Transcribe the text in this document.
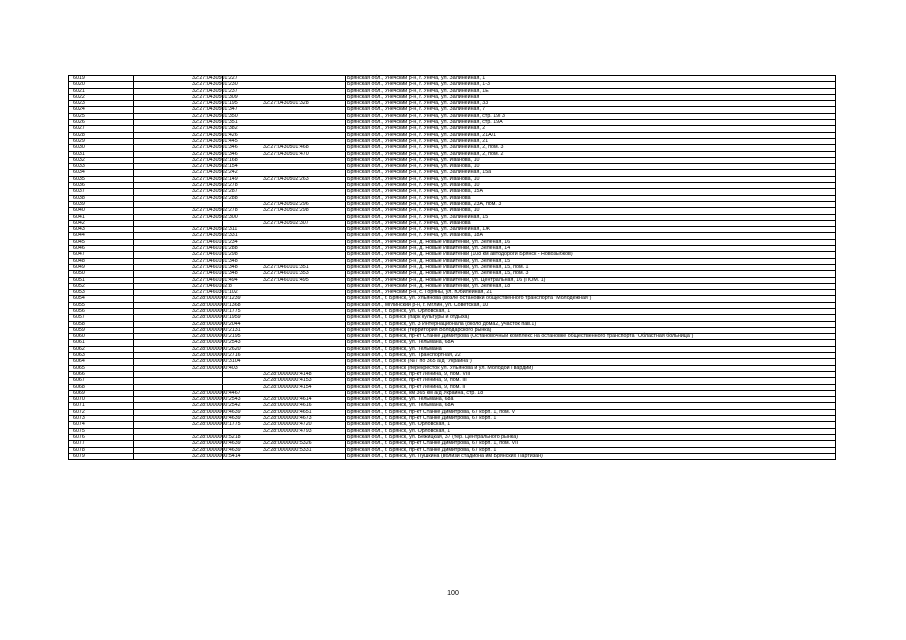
6019	32:27:0430501:227		Брянская обл., Унечский р-н, г. Унеча, ул. Залинейная, 1
6020	32:27:0430501:230		Брянская обл., Унечский р-н, г. Унеча, ул. Залинейная, 1-3
6021	32:27:0430501:237		Брянская обл., Унечский р-н, г. Унеча, ул. Залинейная, 1Е
6022	32:27:0430501:309		Брянская обл., Унечский р-н, г. Унеча, ул. Залинейная
6023	32:27:0430501:195	32:27:0430501:328	Брянская обл., Унечский р-н, г. Унеча, ул. Залинейная, 33
6024	32:27:0430501:347		Брянская обл., Унечский р-н, г. Унеча, ул. Залинейная, 7
6025	32:27:0430501:350		Брянская обл., Унечский р-н, г. Унеча, ул. Залинейная, стр. 19Г3
6026	32:27:0430501:351		Брянская обл., Унечский р-н, г. Унеча, ул. Залинейная, стр. 19А
6027	32:27:0430501:382		Брянская обл., Унечский р-н, г. Унеча, ул. Залинейная, 2
6028	32:27:0430501:426		Брянская обл., Унечский р-н, г. Унеча, ул. Залинейная, 21А/1
6029	32:27:0430501:445		Брянская обл., Унечский р-н, г. Унеча, ул. Залинейная, 21
6030	32:27:0430501:346	32:27:0430501:468	Брянская обл., Унечский р-н, г. Унеча, ул. Залинейная, 2, пом. 3
6031	32:27:0430501:346	32:27:0430501:470	Брянская обл., Унечский р-н, г. Унеча, ул. Залинейная, 2, пом. 2
6032	32:27:0430502:168		Брянская обл., Унечский р-н, г. Унеча, ул. Иванова, 10
6033	32:27:0430502:154		Брянская обл., Унечский р-н, г. Унеча, ул. Иванова, 10
6034	32:27:0430502:242		Брянская обл., Унечский р-н, г. Унеча, ул. Залинейная, 15а
6035	32:27:0430502:149	32:27:0430502:263	Брянская обл., Унечский р-н, г. Унеча, ул. Иванова, 10
6036	32:27:0430502:278		Брянская обл., Унечский р-н, г. Унеча, ул. Иванова, 10
6037	32:27:0430502:287		Брянская обл., Унечский р-н, г. Унеча, ул. Иванова, 15А
6038	32:27:0430502:288		Брянская обл., Унечский р-н, г. Унеча, ул. Иванова
6039		32:27:0430502:296	Брянская обл., Унечский р-н, г. Унеча, ул. Иванова, 23А, пом. 3
6040	32:27:0430502:278	32:27:0430502:298	Брянская обл., Унечский р-н, г. Унеча, ул. Иванова, 10
6041	32:27:0430502:300		Брянская обл., Унечский р-н, г. Унеча, ул. Залинейная, 15
6042		32:27:0430502:307	Брянская обл., Унечский р-н, г. Унеча, ул. Иванова
6043	32:27:0430502:311		Брянская обл., Унечский р-н, г. Унеча, ул. Залинейная, 1Ж
6044	32:27:0430502:331		Брянская обл., Унечский р-н, г. Унеча, ул. Иванова, 18А
6045	32:27:0460101:234		Брянская обл., Унечский р-н, д. Новые Ивайтенки, ул. Зеленая, 16
6046	32:27:0460101:288		Брянская обл., Унечский р-н, д. Новые Ивайтенки, ул. Зеленая, 14
6047	32:27:0460101:298		Брянская обл., Унечский р-н, д. Новые Ивайтенки (108 км автодороги Брянск - Новозыбков)
6048	32:27:0460101:348		Брянская обл., Унечский р-н, д. Новые Ивайтенки, ул. Зеленая, 15
6049	32:27:0460101:348	32:27:0460101:351	Брянская обл., Унечский р-н, д. Новые Ивайтенки, ул. Зеленая, 15, пом. 1
6050	32:27:0460101:348	32:27:0460101:353	Брянская обл., Унечский р-н, д. Новые Ивайтенки, ул. Зеленая, 15, пом. 3
6051	32:27:0460101:494	32:27:0460101:495	Брянская обл., Унечский р-н, д. Новые Ивайтенки, ул. Центральная, 16 (ПОМ. 1)
6052	32:27:0460102:8		Брянская обл., Унечский р-н, д. Новые Ивайтенки, ул. Зеленая, 18
6053	32:27:0460301:102		Брянская обл., Унечский р-н, с. Горяны, ул. Юбилейная, 21
6054	32:28:0000000:1239		Брянская обл., г. Брянск, ул. Ульянова (возле остановки общественного транспорта "Молодежная")
6055	32:28:0000000:1368		Брянская обл., Мглинский р-н, г. Мглин, ул. Советская, 10
6056	32:28:0000000:1775		Брянская обл., г. Брянск, ул. Орловская, 1
6057	32:28:0000000:1959		Брянская обл., г. Брянск (парк культуры и отдыха)
6058	32:28:0000000:2044		Брянская обл., г. Брянск, ул. 3 Интернационала (около дома2, участок пав.1)
6059	32:28:0000000:2131		Брянская обл., г. Брянск (территория Володарского рынка)
6060	32:28:0000000:2195		Брянская обл., г. Брянск, пр-кт Станке Димитрова (Остановочный комплекс на остановке общественного транспорта "Областная больница")
6061	32:28:0000000:2543		Брянская обл., г. Брянск, ул. Тельмана, 68А
6062	32:28:0000000:2620		Брянская обл., г. Брянск, ул. Тельмана
6063	32:28:0000000:2716		Брянская обл., г. Брянск, ул. Транспортная, 22
6064	32:28:0000000:3104		Брянская обл., г. Брянск (№7 по 365 а/д "Украина")
6065	32:28:0000000:403		Брянская обл., г. Брянск (перекресток ул. Ульянова и ул. Молодой Гвардии)
6066		32:28:0000000:4148	Брянская обл., г. Брянск, пр-кт Ленина, 9, пом. VIII
6067		32:28:0000000:4153	Брянская обл., г. Брянск, пр-кт Ленина, 9, пом. III
6068		32:28:0000000:4154	Брянская обл., г. Брянск, пр-кт Ленина, 9, пом. II
6069	32:28:0000000:4467		Брянская обл., г. Брянск, км 365 км а/д Украина, стр. 18
6070	32:28:0000000:2543	32:28:0000000:4614	Брянская обл., г. Брянск, ул. Тельмана, 68а
6071	32:28:0000000:2542	32:28:0000000:4616	Брянская обл., г. Брянск, ул. Тельмана, 68А
6072	32:28:0000000:4639	32:28:0000000:4651	Брянская обл., г. Брянск, пр-кт Станке Димитрова, 67 корп. 1, пом. V
6073	32:28:0000000:4639	32:28:0000000:4673	Брянская обл., г. Брянск, пр-кт Станке Димитрова, 67 корп. 1
6074	32:28:0000000:1775	32:28:0000000:4720	Брянская обл., г. Брянск, ул. Орловская, 1
6075		32:28:0000000:4793	Брянская обл., г. Брянск, ул. Орловская, 1
6076	32:28:0000000:5218		Брянская обл., г. Брянск, ул. Бежицкая, 37 (тер. Центрального рынка)
6077	32:28:0000000:4639	32:28:0000000:5326	Брянская обл., г. Брянск, пр-кт Станке Димитрова, 67 корп. 1, пом. VII
6078	32:28:0000000:4639	32:28:0000000:5331	Брянская обл., г. Брянск, пр-кт Станке Димитрова, 67 корп. 1
6079	32:28:0000000:5414		Брянская обл., г. Брянск, ул. Пушкина (вблизи стадиона им Брянских Партизан)
100
